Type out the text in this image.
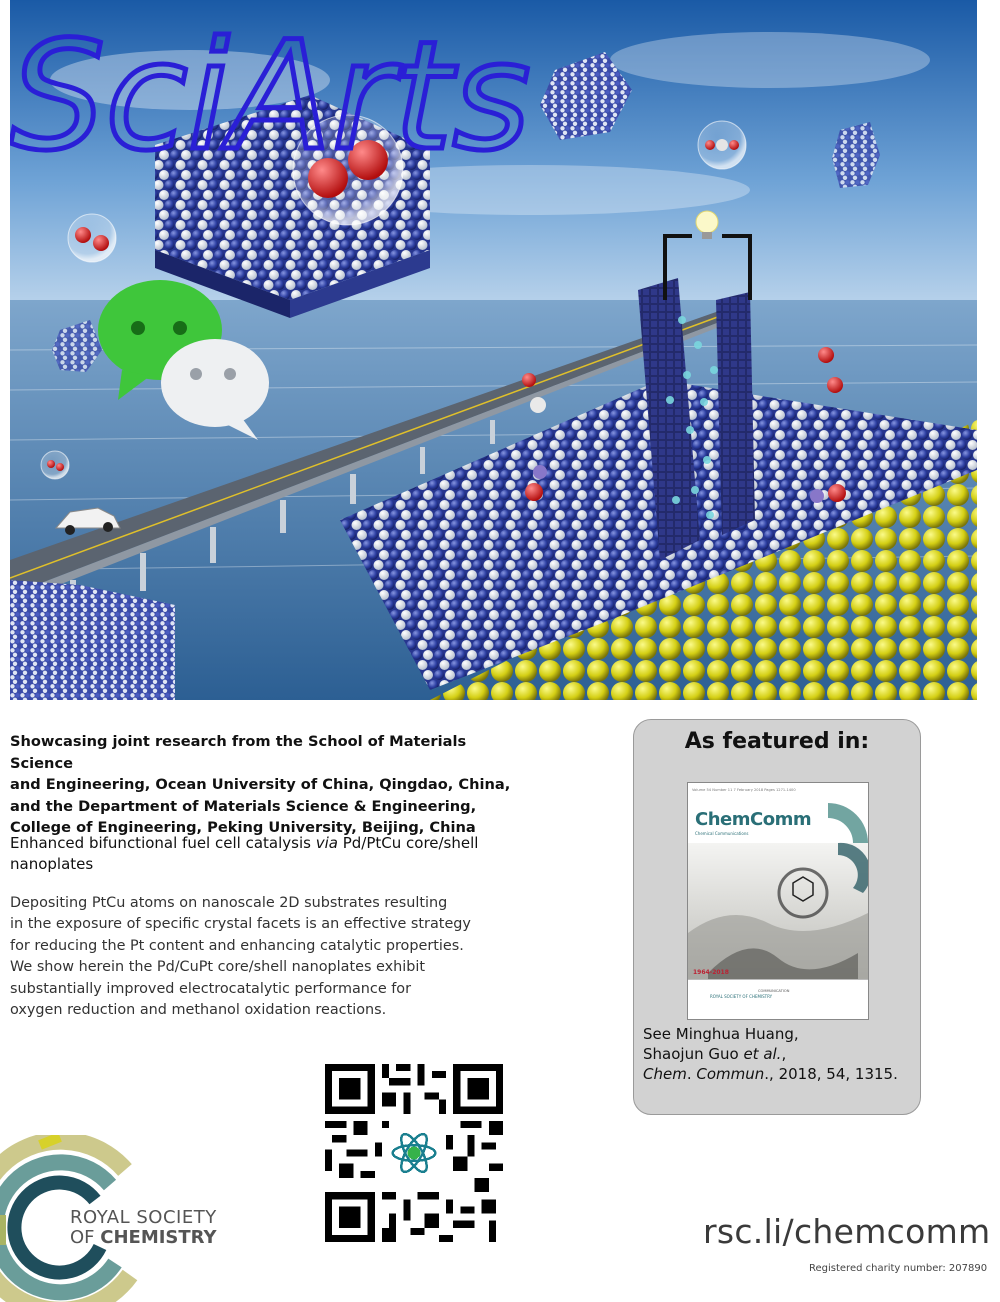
SciArts
Showcasing joint research from the School of Materials Science
and Engineering, Ocean University of China, Qingdao, China,
and the Department of Materials Science & Engineering,
College of Engineering, Peking University, Beijing, China
Enhanced bifunctional fuel cell catalysis via Pd/PtCu core/shell
nanoplates

Depositing PtCu atoms on nanoscale 2D substrates resulting

in the exposure of specific crystal facets is an effective strategy

for reducing the Pt content and enhancing catalytic properties.

We show herein the Pd/CuPt core/shell nanoplates exhibit

substantially improved electrocatalytic performance for

oxygen reduction and methanol oxidation reactions.

As featured in:
Volume 54 Number 11 7 February 2018 Pages 1271-1400
ChemComm
Chemical Communications
1964-2018
ROYAL SOCIETY OF CHEMISTRY
COMMUNICATION
See Minghua Huang,
Shaojun Guo et al.,
Chem. Commun., 2018, 54, 1315.
ROYAL SOCIETY
OF CHEMISTRY	rsc.li/chemcomm
Registered charity number: 207890
